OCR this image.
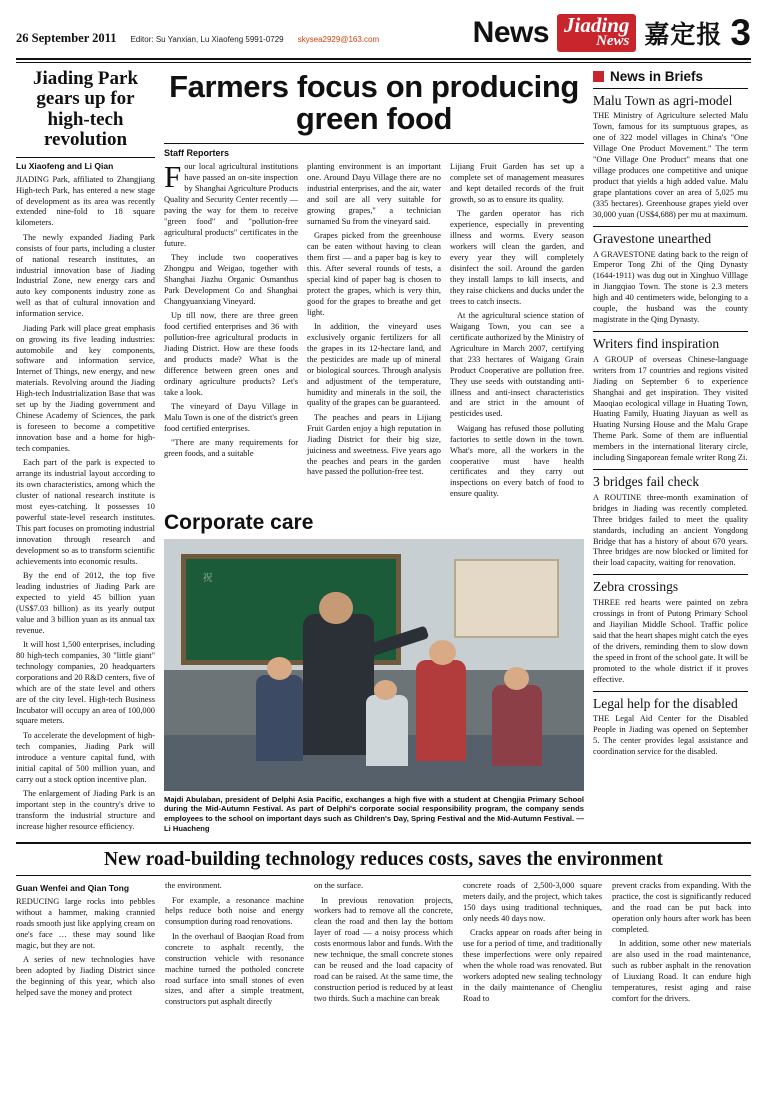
26 September 2011 Editor: Su Yanxian, Lu Xiaofeng 5991-0729 skysea2929@163.com	News Jiading
News 嘉定报 3
Jiading Park gears up for high-tech revolution
Lu Xiaofeng and Li Qian

JIADING Park, affiliated to Zhangjiang High-tech Park, has entered a new stage of development as its area was recently extended nine-fold to 18 square kilometers.

The newly expanded Jiading Park consists of four parts, including a cluster of national research institutes, an industrial innovation base of Jiading Industrial Zone, new energy cars and auto key components industry zone as well as that of cultural innovation and information service.

Jiading Park will place great emphasis on growing its five leading industries: automobile and key components, software and information service, Internet of Things, new energy, and new materials. Revolving around the Jiading High-tech Industrialization Base that was set up by the Jiading government and Chinese Academy of Sciences, the park is foreseen to become a competitive innovation base and a home for high-tech companies.

Each part of the park is expected to arrange its industrial layout according to its own characteristics, among which the cluster of national research institute is most eyes-catching. It possesses 10 powerful state-level research institutes. This part focuses on promoting industrial innovation through research and development so as to transform scientific achievements into economic results.

By the end of 2012, the top five leading industries of Jiading Park are expected to yield 45 billion yuan (US$7.03 billion) as its yearly output value and 3 billion yuan as its annual tax revenue.

It will host 1,500 enterprises, including 80 high-tech companies, 30 "little giant" technology companies, 20 headquarters corporations and 20 R&D centers, five of which are of the state level and others are of the city level. High-tech Business Incubator will occupy an area of 100,000 square meters.

To accelerate the development of high-tech companies, Jiading Park will introduce a venture capital fund, with initial capital of 500 million yuan, and carry out a stock option incentive plan.

The enlargement of Jiading Park is an important step in the country's drive to transform the industrial structure and increase higher resource efficiency.

Farmers focus on producing green food
Staff Reporters

Four local agricultural institutions have passed an on-site inspection by Shanghai Agriculture Products Quality and Security Center recently — paving the way for them to receive "green food" and "pollution-free agricultural products" certificates in the future.

They include two cooperatives Zhongpu and Weigao, together with Shanghai Jiazhu Organic Osmanthus Park Development Co and Shanghai Changyuanxiang Vineyard.

Up till now, there are three green food certified enterprises and 36 with pollution-free agricultural products in Jiading District. How are these foods and products made? What is the difference between green ones and ordinary agriculture products? Let's take a look.

The vineyard of Dayu Village in Malu Town is one of the district's green food certified enterprises.

"There are many requirements for green foods, and a suitable

planting environment is an important one. Around Dayu Village there are no industrial enterprises, and the air, water and soil are all very suitable for growing grapes," a technician surnamed Su from the vineyard said.

Grapes picked from the greenhouse can be eaten without having to clean them first — and a paper bag is key to this. After several rounds of tests, a special kind of paper bag is chosen to protect the grapes, which is very thin, good for the grapes to breathe and get light.

In addition, the vineyard uses exclusively organic fertilizers for all the grapes in its 12-hectare land, and the pesticides are made up of mineral or biological sources. Through analysis and adjustment of the temperature, humidity and minerals in the soil, the quality of the grapes can be guaranteed.

The peaches and pears in Lijiang Fruit Garden enjoy a high reputation in Jiading District for their big size, juiciness and sweetness. Five years ago the peaches and pears in the garden have passed the pollution-free test.

Lijiang Fruit Garden has set up a complete set of management measures and kept detailed records of the fruit growth, so as to ensure its quality.

The garden operator has rich experience, especially in preventing illness and worms. Every season workers will clean the garden, and every year they will completely disinfect the soil. Around the garden they install lamps to kill insects, and they raise chickens and ducks under the trees to catch insects.

At the agricultural science station of Waigang Town, you can see a certificate authorized by the Ministry of Agriculture in March 2007, certifying that 233 hectares of Waigang Grain Product Cooperative are pollution free. They use seeds with outstanding anti-illness and anti-insect characteristics and are strict in the amount of pesticides used.

Waigang has refused those polluting factories to settle down in the town. What's more, all the workers in the cooperative must have health certificates and they carry out inspections on every batch of food to ensure quality.

Corporate care
祝

Majdi Abulaban, president of Delphi Asia Pacific, exchanges a high five with a student at Chengjia Primary School during the Mid-Autumn Festival. As part of Delphi's corporate social responsibility program, the company sends employees to the school on important days such as Children's Day, Spring Festival and the Mid-Autumn Festival. — Li Huacheng

News in Briefs
Malu Town as agri-model

THE Ministry of Agriculture selected Malu Town, famous for its sumptuous grapes, as one of 322 model villages in China's "One Village One Product Movement." The term "One Village One Product" means that one village produces one competitive and unique product that yields a high added value. Malu grape plantations cover an area of 5,025 mu (335 hectares). Greenhouse grapes yield over 30,000 yuan (US$4,688) per mu at maximum.

Gravestone unearthed

A GRAVESTONE dating back to the reign of Emperor Tong Zhi of the Qing Dynasty (1644-1911) was dug out in Xinghuo Villlage in Jiangqiao Town. The stone is 2.3 meters high and 40 centimeters wide, belonging to a couple, the husband was the county magistrate in the Qing Dynasty.

Writers find inspiration

A GROUP of overseas Chinese-language writers from 17 countries and regions visited Jiading on September 6 to experience Shanghai and get inspiration. They visited Maoqiao ecological village in Huating Town, Huating Family, Huating Jiayuan as well as Huating Nursing House and the Malu Grape Theme Park. Some of them are influential members in the international literary circle, including Singaporean female writer Rong Zi.

3 bridges fail check

A ROUTINE three-month examination of bridges in Jiading was recently completed. Three bridges failed to meet the quality standards, including an ancient Yongdong Bridge that has a history of about 670 years. Three bridges are now blocked or limited for their load capacity, waiting for renovation.

Zebra crossings

THREE red hearts were painted on zebra crossings in front of Putong Primary School and Jiayilian Middle School. Traffic police said that the heart shapes might catch the eyes of the drivers, reminding them to slow down the speed in front of the school gate. It will be promoted to the whole district if it proves effective.

Legal help for the disabled

THE Legal Aid Center for the Disabled People in Jiading was opened on September 5. The center provides legal assistance and coordination service for the disabled.

New road-building technology reduces costs, saves the environment
Guan Wenfei and Qian Tong

REDUCING large rocks into pebbles without a hammer, making crannied roads smooth just like applying cream on one's face … these may sound like magic, but they are not.

A series of new technologies have been adopted by Jiading District since the beginning of this year, which also helped save the money and protect

the environment.

For example, a resonance machine helps reduce both noise and energy consumption during road renovations.

In the overhaul of Baoqian Road from concrete to asphalt recently, the construction vehicle with resonance machine turned the potholed concrete road surface into small stones of even sizes, and after a simple treatment, constructors put asphalt directly

on the surface.

In previous renovation projects, workers had to remove all the concrete, clean the road and then lay the bottom layer of road — a noisy process which costs enormous labor and funds. With the new technique, the small concrete stones can be reused and the load capacity of road can be raised. At the same time, the construction period is reduced by at least two thirds. Such a machine can break

concrete roads of 2,500-3,000 square meters daily, and the project, which takes 150 days using traditional techniques, only needs 40 days now.

Cracks appear on roads after being in use for a period of time, and traditionally these imperfections were only repaired when the whole road was renovated. But workers adopted new sealing technology in the daily maintenance of Chengliu Road to

prevent cracks from expanding. With the practice, the cost is significantly reduced and the road can be put back into operation only hours after work has been completed.

In addition, some other new materials are also used in the road maintenance, such as rubber asphalt in the renovation of Liuxiang Road. It can endure high temperatures, resist aging and raise comfort for the drivers.
